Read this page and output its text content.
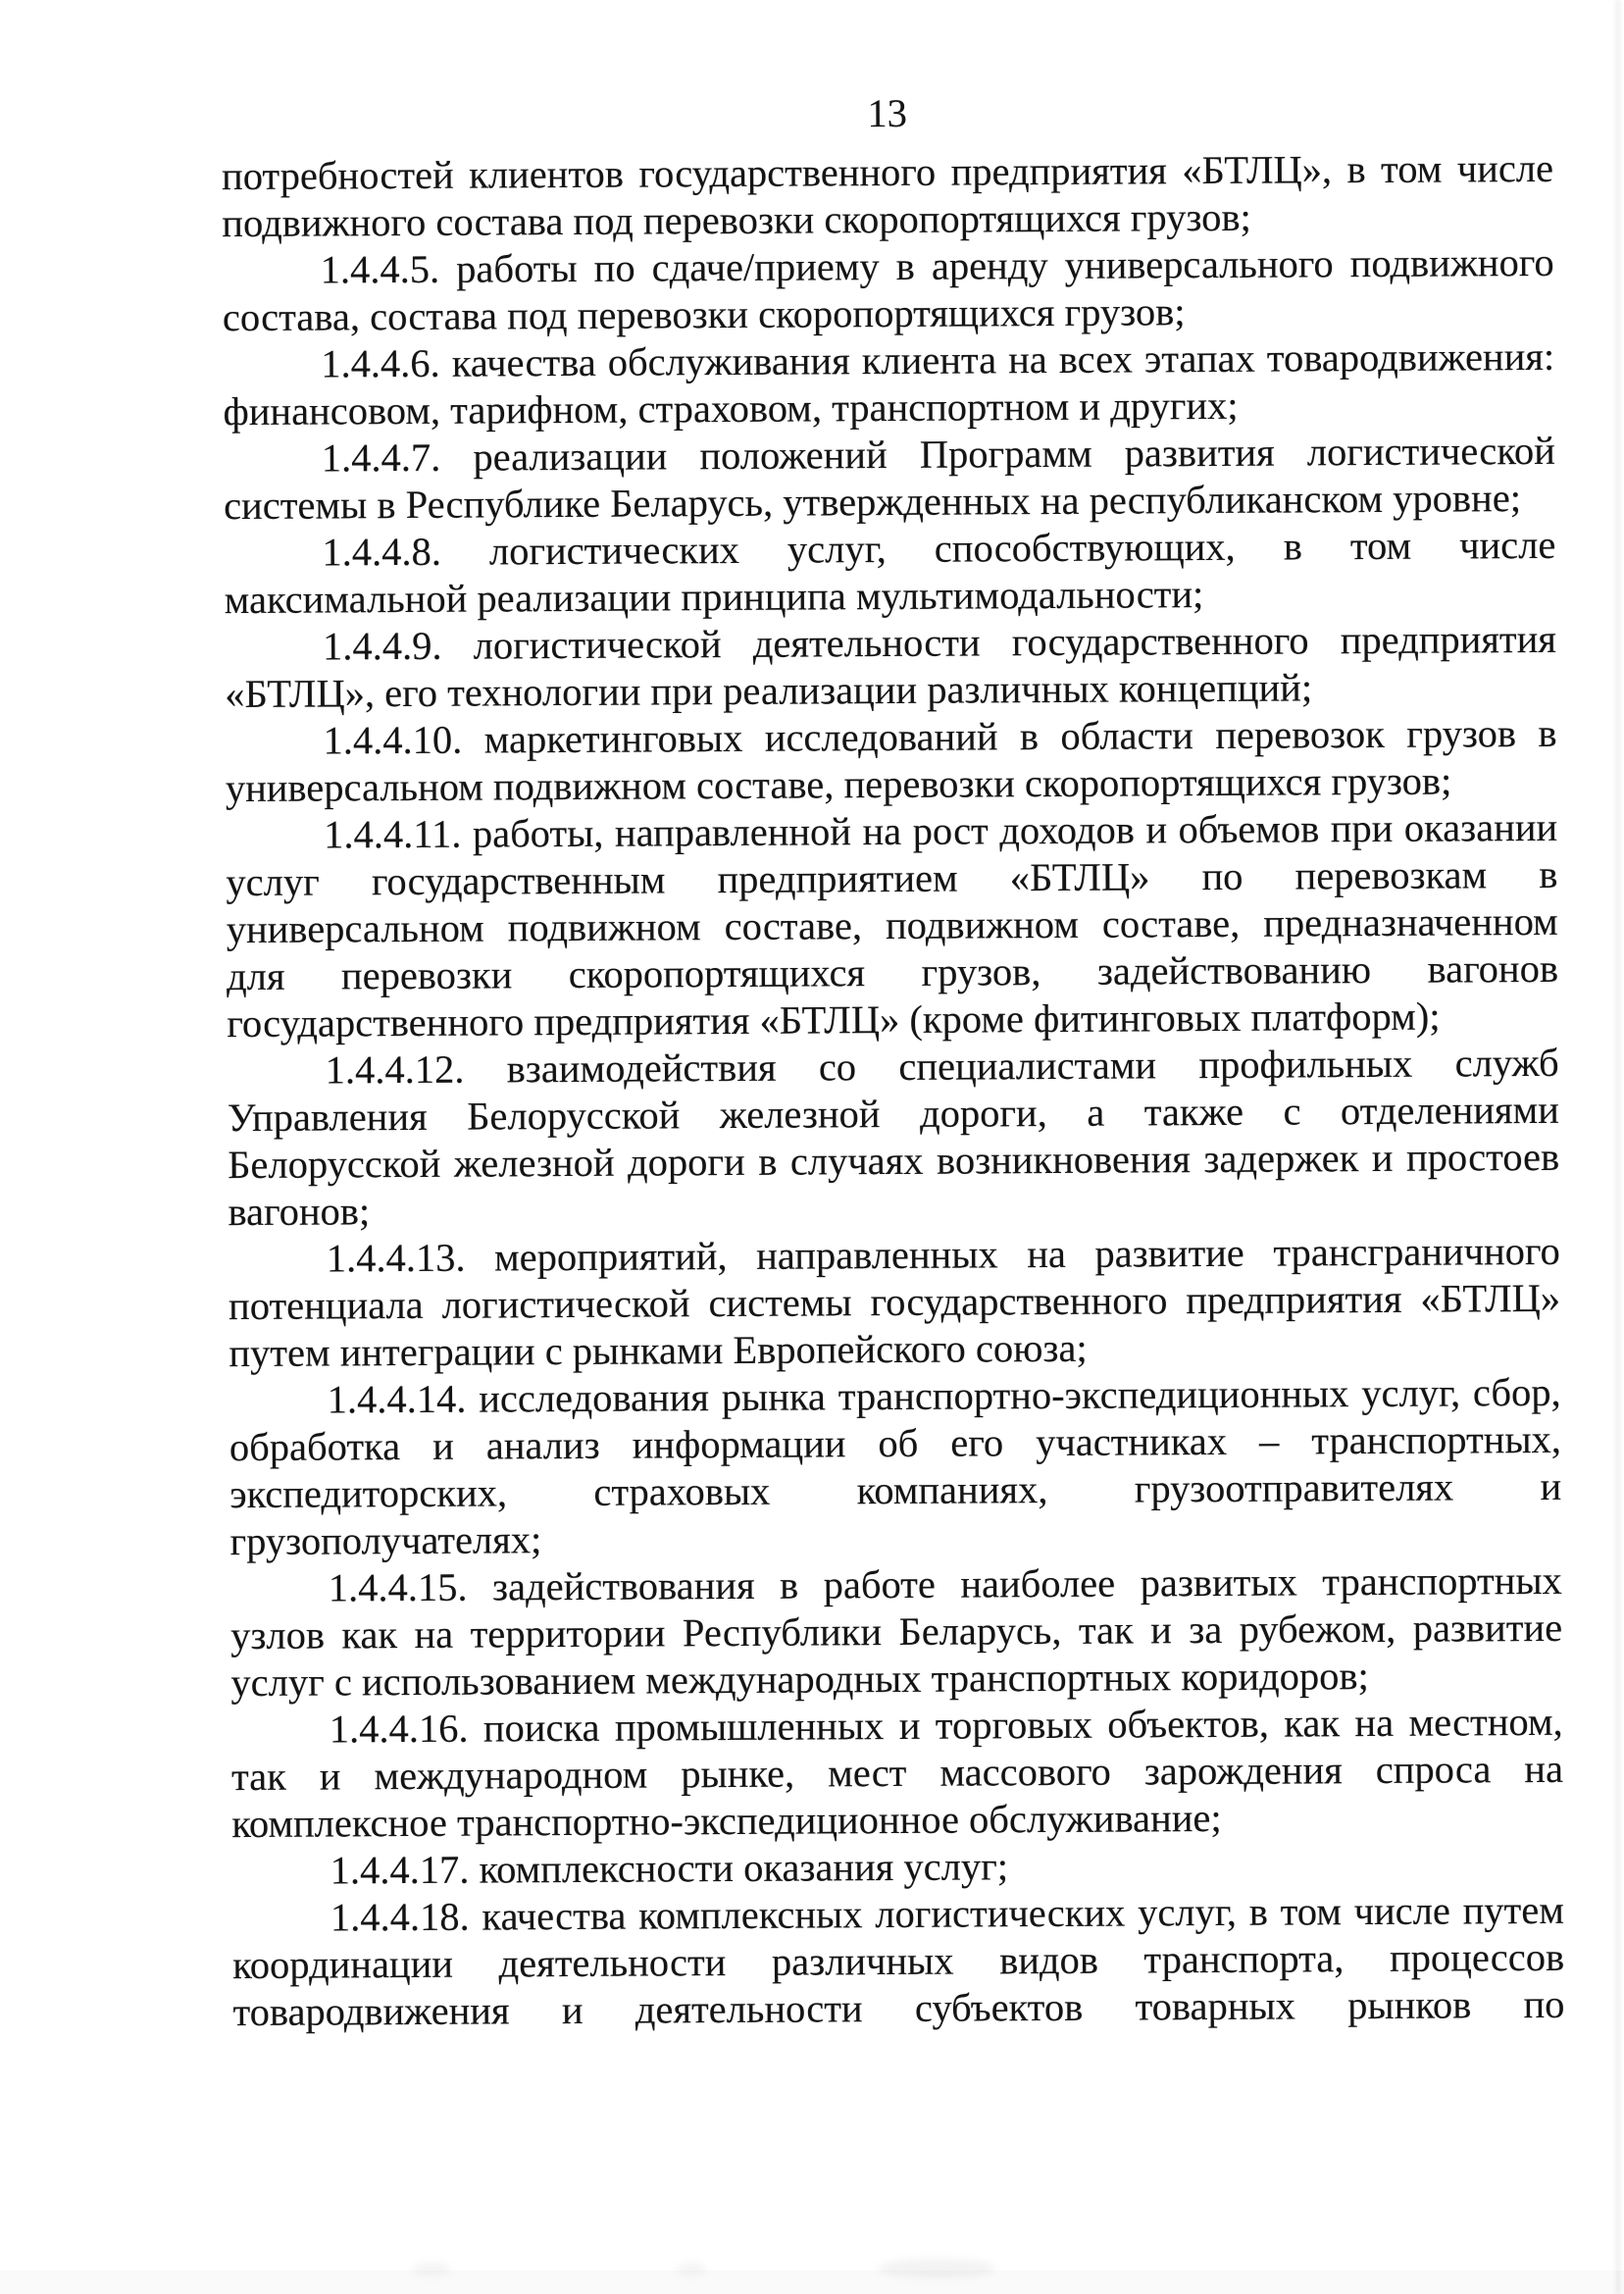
13

потребностей клиентов государственного предприятия «БТЛЦ», в том числе подвижного состава под перевозки скоропортящихся грузов;

1.4.4.5. работы по сдаче/приему в аренду универсального подвижного состава, состава под перевозки скоропортящихся грузов;

1.4.4.6. качества обслуживания клиента на всех этапах товародвижения: финансовом, тарифном, страховом, транспортном и других;

1.4.4.7. реализации положений Программ развития логистической системы в Республике Беларусь, утвержденных на республиканском уровне;

1.4.4.8. логистических услуг, способствующих, в том числе максимальной реализации принципа мультимодальности;

1.4.4.9. логистической деятельности государственного предприятия «БТЛЦ», его технологии при реализации различных концепций;

1.4.4.10. маркетинговых исследований в области перевозок грузов в универсальном подвижном составе, перевозки скоропортящихся грузов;

1.4.4.11. работы, направленной на рост доходов и объемов при оказании услуг государственным предприятием «БТЛЦ» по перевозкам в универсальном подвижном составе, подвижном составе, предназначенном для перевозки скоропортящихся грузов, задействованию вагонов государственного предприятия «БТЛЦ» (кроме фитинговых платформ);

1.4.4.12. взаимодействия со специалистами профильных служб Управления Белорусской железной дороги, а также с отделениями Белорусской железной дороги в случаях возникновения задержек и простоев вагонов;

1.4.4.13. мероприятий, направленных на развитие трансграничного потенциала логистической системы государственного предприятия «БТЛЦ» путем интеграции с рынками Европейского союза;

1.4.4.14. исследования рынка транспортно-экспедиционных услуг, сбор, обработка и анализ информации об его участниках – транспортных, экспедиторских, страховых компаниях, грузоотправителях и грузополучателях;

1.4.4.15. задействования в работе наиболее развитых транспортных узлов как на территории Республики Беларусь, так и за рубежом, развитие услуг с использованием международных транспортных коридоров;

1.4.4.16. поиска промышленных и торговых объектов, как на местном, так и международном рынке, мест массового зарождения спроса на комплексное транспортно-экспедиционное обслуживание;

1.4.4.17. комплексности оказания услуг;

1.4.4.18. качества комплексных логистических услуг, в том числе путем координации деятельности различных видов транспорта, процессов товародвижения и деятельности субъектов товарных рынков по
